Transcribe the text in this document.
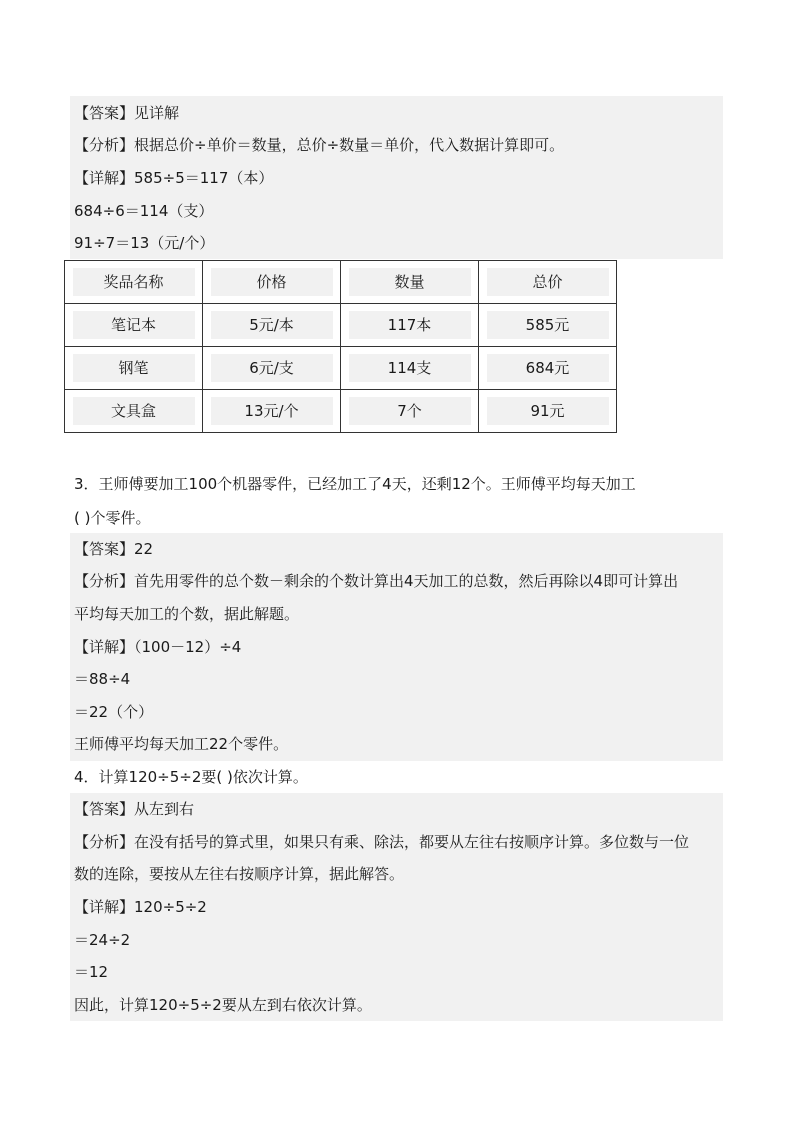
【答案】见详解
【分析】根据总价÷单价＝数量，总价÷数量＝单价，代入数据计算即可。
【详解】585÷5＝117（本）
684÷6＝114（支）
91÷7＝13（元/个）
奖品名称	价格	数量	总价
笔记本	5元/本	117本	585元
钢笔	6元/支	114支	684元
文具盒	13元/个	7个	91元
3．王师傅要加工100个机器零件，已经加工了4天，还剩12个。王师傅平均每天加工
( )个零件。
【答案】22
【分析】首先用零件的总个数－剩余的个数计算出4天加工的总数，然后再除以4即可计算出
平均每天加工的个数，据此解题。
【详解】（100－12）÷4
＝88÷4
＝22（个）
王师傅平均每天加工22个零件。
4．计算120÷5÷2要( )依次计算。
【答案】从左到右
【分析】在没有括号的算式里，如果只有乘、除法，都要从左往右按顺序计算。多位数与一位
数的连除，要按从左往右按顺序计算，据此解答。
【详解】120÷5÷2
＝24÷2
＝12
因此，计算120÷5÷2要从左到右依次计算。
